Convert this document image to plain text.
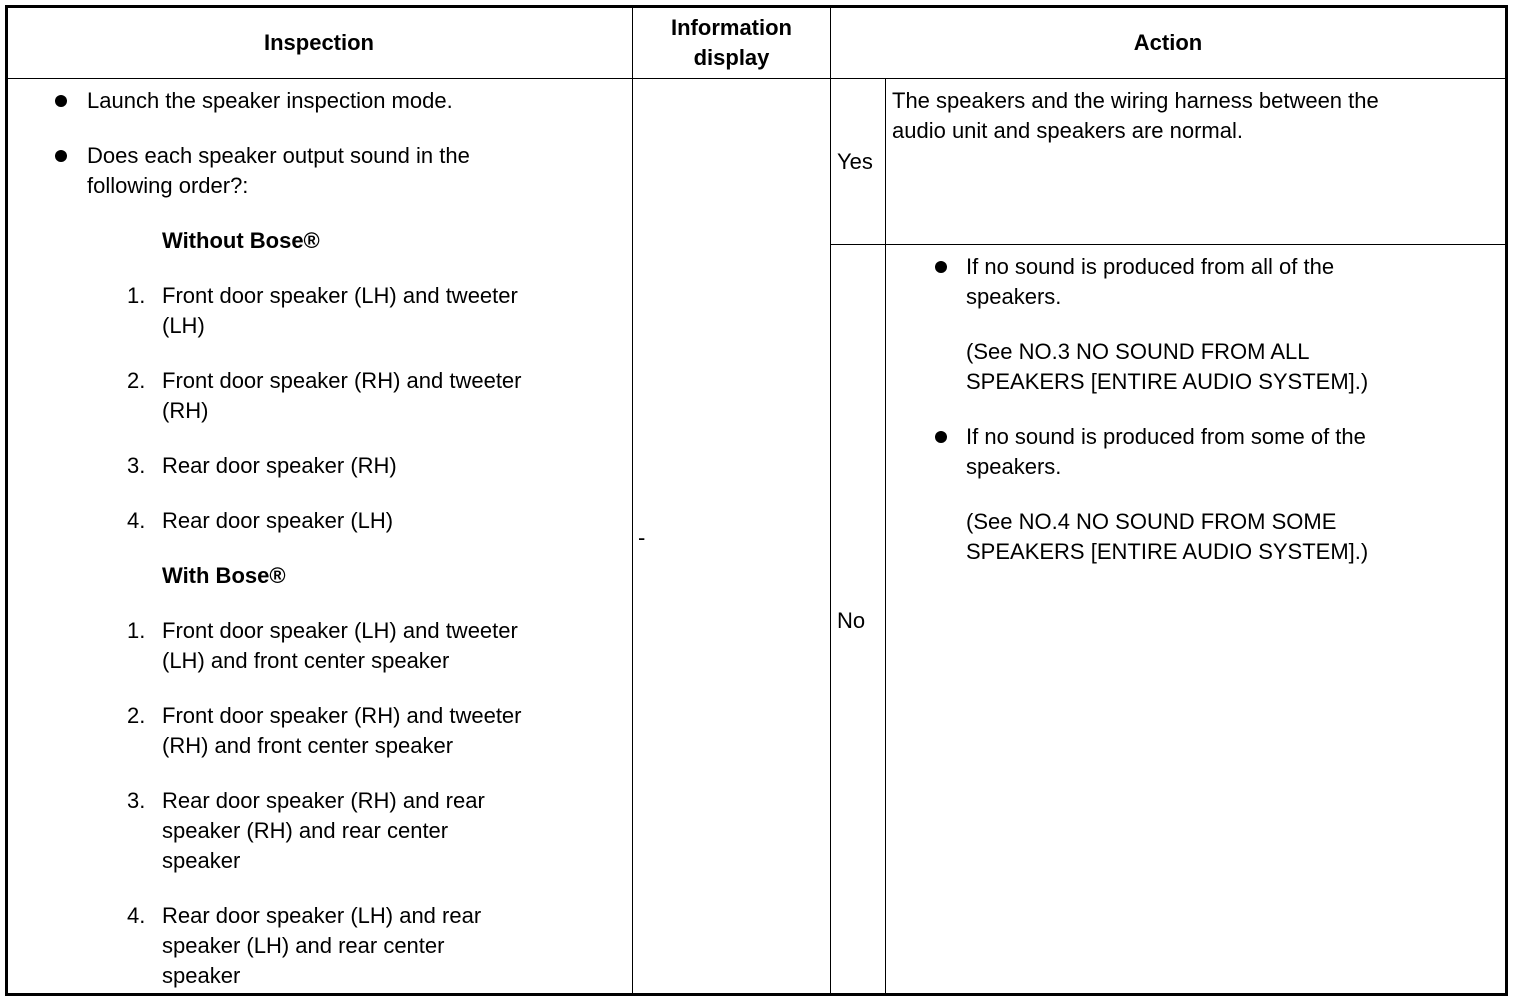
Inspection
Information
display
Action
Launch the speaker inspection mode.
Does each speaker output sound in the
following order?:
Without Bose®
1. Front door speaker (LH) and tweeter
(LH)
2. Front door speaker (RH) and tweeter
(RH)
3. Rear door speaker (RH)
4. Rear door speaker (LH)
With Bose®
1. Front door speaker (LH) and tweeter
(LH) and front center speaker
2. Front door speaker (RH) and tweeter
(RH) and front center speaker
3. Rear door speaker (RH) and rear
speaker (RH) and rear center
speaker
4. Rear door speaker (LH) and rear
speaker (LH) and rear center
speaker
-
Yes
The speakers and the wiring harness between the
audio unit and speakers are normal.
No
If no sound is produced from all of the
speakers.
(See NO.3 NO SOUND FROM ALL
SPEAKERS [ENTIRE AUDIO SYSTEM].)
If no sound is produced from some of the
speakers.
(See NO.4 NO SOUND FROM SOME
SPEAKERS [ENTIRE AUDIO SYSTEM].)
